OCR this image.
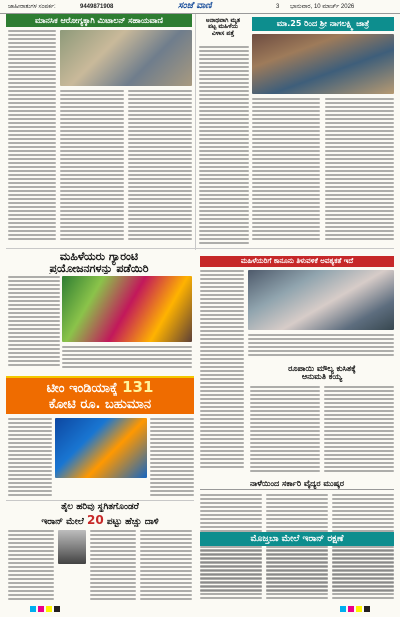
ಜಾಹೀರಾತುಗಳ ಸಂಪರ್ಕ:	9449871908	ಸಂಜೆ ವಾಣಿ	3 ಭಾನುವಾರ, 10 ಮಾರ್ಚ್ 2026
ಮಾನಸಿಕ ಆರೋಗ್ಯಕ್ಕಾಗಿ ಮಿಟಾಲನ್ ಸಹಾಯವಾಣಿ	ಅನಾಥವಾಗಿ ಮೃತ
ಪಟ್ಟ ಮಹಿಳೆಯ
ವಿಳಾಸ ಪತ್ತೆ
ಮಾ.25 ರಿಂದ ಶ್ರೀ ನಾಗಲಕ್ಷ್ಮಿ ಜಾತ್ರೆ
ಮಹಿಳೆಯರು ಗ್ಯಾರಂಟಿ
ಪ್ರಯೋಜನಗಳನ್ನು ಪಡೆಯಿರಿ
ಮಹಿಳೆಯರಿಗೆ ಕಾನೂನು ತಿಳುವಳಿಕೆ ಅವಶ್ಯಕತೆ ಇದೆ
ಟೀಂ ಇಂಡಿಯಾಕ್ಕೆ 131
ಕೋಟಿ ರೂ. ಬಹುಮಾನ
ರೂಪಾಯಿ ಮೌಲ್ಯ ಕುಸಿತಕ್ಕೆ
ಆನುಮತಿ ಕಯ್ಯ
ನಾಳೆಯಿಂದ ಸರ್ಕಾರಿ ವೈದ್ಯರ ಮುಷ್ಕರ
ತೈಲ ಹರಿವು ಸ್ಥಗಿತಗೊಂಡರೆ
ಇರಾನ್ ಮೇಲೆ 20 ಪಟ್ಟು ಹೆಚ್ಚು ದಾಳಿ
ಮೊಜ್ತಬಾ ಮೇಲೆ ಇರಾನ್ ರಕ್ಷಣೆ
